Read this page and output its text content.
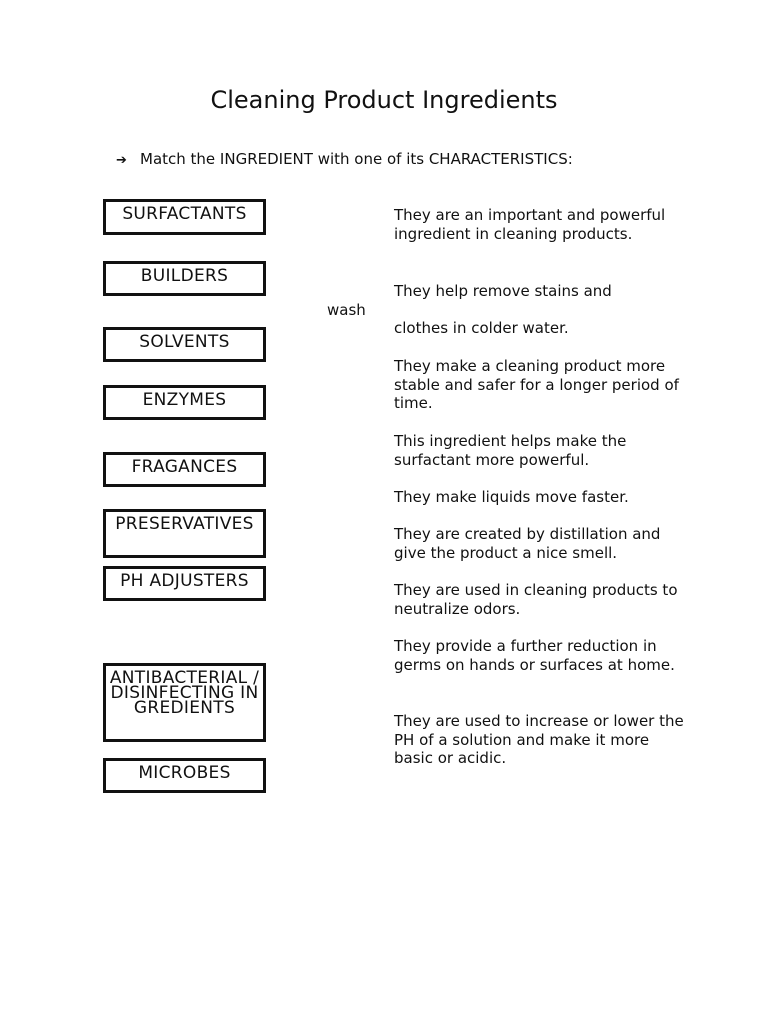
Cleaning Product Ingredients
➔ Match the INGREDIENT with one of its CHARACTERISTICS:
SURFACTANTS
BUILDERS
SOLVENTS
ENZYMES
FRAGANCES
PRESERVATIVES
PH ADJUSTERS
ANTIBACTERIAL / DISINFECTING INGREDIENTS
MICROBES
wash
They are an important and powerful ingredient in cleaning products.
They help remove stains and
clothes in colder water.
They make a cleaning product more stable and safer for a longer period of time.
This ingredient helps make the surfactant more powerful.
They make liquids move faster.
They are created by distillation and give the product a nice smell.
They are used in cleaning products to neutralize odors.
They provide a further reduction in germs on hands or surfaces at home.
They are used to increase or lower the PH of a solution and make it more basic or acidic.
